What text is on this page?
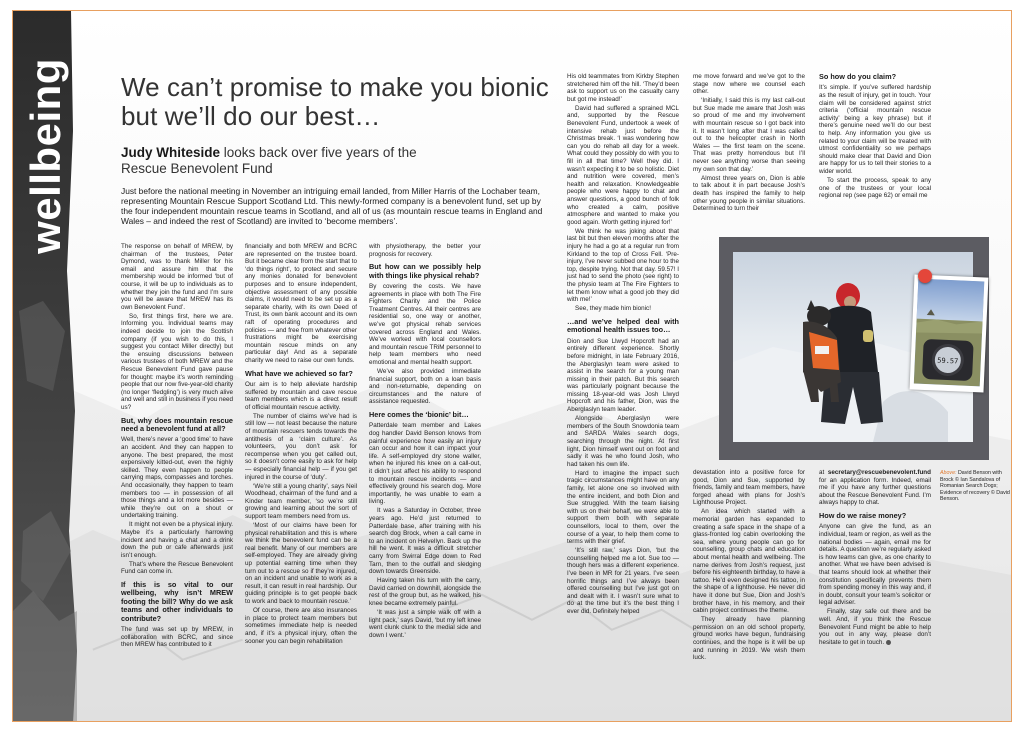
wellbeing We can’t promise to make you bionic but we’ll do our best…
Judy Whiteside looks back over five years of the Rescue Benevolent Fund

Just before the national meeting in November an intriguing email landed, from Miller Harris of the Lochaber team, representing Mountain Rescue Support Scotland Ltd. This newly-formed company is a benevolent fund, set up by the four independent mountain rescue teams in Scotland, and all of us (as mountain rescue teams in England and Wales – and indeed the rest of Scotland) are invited to ‘become members’.

The response on behalf of MREW, by chairman of the trustees, Peter Dymond, was to thank Miller for his email and assure him that the membership would be informed ‘but of course, it will be up to individuals as to whether they join the fund and I’m sure you will be aware that MREW has its own Benevolent Fund’.

So, first things first, here we are. Informing you. Individual teams may indeed decide to join the Scottish company (if you wish to do this, I suggest you contact Miller directly) but the ensuing discussions between various trustees of both MREW and the Rescue Benevolent Fund gave pause for thought: maybe it’s worth reminding people that our now five-year-old charity (no longer ‘fledgling’) is very much alive and well and still in business if you need us?

But, why does mountain rescue need a benevolent fund at all?

Well, there’s never a ‘good time’ to have an accident. And they can happen to anyone. The best prepared, the most expensively kitted-out, even the highly skilled. They even happen to people carrying maps, compasses and torches. And occasionally, they happen to team members too — in possession of all those things and a lot more besides — while they’re out on a shout or undertaking training.

It might not even be a physical injury. Maybe it’s a particularly harrowing incident and having a chat and a drink down the pub or cafe afterwards just isn’t enough.

That’s where the Rescue Benevolent Fund can come in.

If this is so vital to our wellbeing, why isn’t MREW footing the bill? Why do we ask teams and other individuals to contribute?

The fund was set up by MREW, in collaboration with BCRC, and since then MREW has contributed to it

financially and both MREW and BCRC are represented on the trustee board. But it became clear from the start that to ‘do things right’, to protect and secure any monies donated for benevolent purposes and to ensure independent, objective assessment of any possible claims, it would need to be set up as a separate charity, with its own Deed of Trust, its own bank account and its own raft of operating procedures and policies — and free from whatever other frustrations might be exercising mountain rescue minds on any particular day! And as a separate charity we need to raise our own funds.

What have we achieved so far?

Our aim is to help alleviate hardship suffered by mountain and cave rescue team members which is a direct result of official mountain rescue activity.

The number of claims we’ve had is still low — not least because the nature of mountain rescuers tends towards the antithesis of a ‘claim culture’. As volunteers, you don’t ask for recompense when you get called out, so it doesn’t come easily to ask for help — especially financial help — if you get injured in the course of ‘duty’.

‘We’re still a young charity’, says Neil Woodhead, chairman of the fund and a Kinder team member, ‘so we’re still growing and learning about the sort of support team members need from us.

‘Most of our claims have been for physical rehabilitation and this is where we think the benevolent fund can be a real benefit. Many of our members are self-employed. They are already giving up potential earning time when they turn out to a rescue so if they’re injured, on an incident and unable to work as a result, it can result in real hardship. Our guiding principle is to get people back to work and back to mountain rescue.’

Of course, there are also insurances in place to protect team members but sometimes immediate help is needed and, if it’s a physical injury, often the sooner you can begin rehabilitation

with physiotherapy, the better your prognosis for recovery.

But how can we possibly help with things like physical rehab?

By covering the costs. We have agreements in place with both The Fire Fighters Charity and the Police Treatment Centres. All their centres are residential so, one way or another, we’ve got physical rehab services covered across England and Wales. We’ve worked with local counsellors and mountain rescue TRiM personnel to help team members who need emotional and mental health support.

We’ve also provided immediate financial support, both on a loan basis and non-returnable, depending on circumstances and the nature of assistance requested.

Here comes the ‘bionic’ bit…

Patterdale team member and Lakes dog handler David Benson knows from painful experience how easily an injury can occur and how it can impact your life. A self-employed dry stone waller, when he injured his knee on a call-out, it didn’t just affect his ability to respond to mountain rescue incidents — and effectively ground his search dog. More importantly, he was unable to earn a living.

It was a Saturday in October, three years ago. He’d just returned to Patterdale base, after training with his search dog Brock, when a call came in to an incident on Helvellyn. Back up the hill he went. It was a difficult stretcher carry from Swirral Edge down to Red Tarn, then to the outfall and sledging down towards Greenside.

Having taken his turn with the carry, David carried on downhill, alongside the rest of the group but, as he walked, his knee became extremely painful.

‘It was just a simple walk off with a light pack,’ says David, ‘but my left knee went clunk clunk to the medial side and down I went.’

His old teammates from Kirkby Stephen stretchered him off the hill. ‘They’d been ask to support us on the casualty carry but got me instead!’

David had suffered a sprained MCL and, supported by the Rescue Benevolent Fund, undertook a week of intensive rehab just before the Christmas break. ‘I was wondering how can you do rehab all day for a week. What could they possibly do with you to fill in all that time? Well they did. I wasn’t expecting it to be so holistic. Diet and nutrition were covered, men’s health and relaxation. Knowledgeable people who were happy to chat and answer questions, a good bunch of folk who created a calm, positive atmosphere and wanted to make you good again. Worth getting injured for!’

We think he was joking about that last bit but then eleven months after the injury he had a go at a regular run from Kirkland to the top of Cross Fell. ‘Pre-injury, I’ve never subbed one hour to the top, despite trying. Not that day. 59.57! I just had to send the photo (see right) to the physio team at The Fire Fighters to let them know what a good job they did with me!’

See, they made him bionic!

…and we’ve helped deal with emotional health issues too…

Dion and Sue Llwyd Hopcroft had an entirely different experience. Shortly before midnight, in late February 2016, the Aberglaslyn team were asked to assist in the search for a young man missing in their patch. But this search was particularly poignant because the missing 18-year-old was Josh Llwyd Hopcroft and his father, Dion, was the Aberglaslyn team leader.

Alongside Aberglaslyn were members of the South Snowdonia team and SARDA Wales search dogs, searching through the night. At first light, Dion himself went out on foot and sadly it was he who found Josh, who had taken his own life.

Hard to imagine the impact such tragic circumstances might have on any family, let alone one so involved with the entire incident, and both Dion and Sue struggled. With the team liaising with us on their behalf, we were able to support them both with separate counsellors, local to them, over the course of a year, to help them come to terms with their grief.

‘It’s still raw,’ says Dion, ‘but the counselling helped me a lot. Sue too — though hers was a different experience. I’ve been in MR for 21 years. I’ve seen horrific things and I’ve always been offered counselling but I’ve just got on and dealt with it. I wasn’t sure what to do at the time but it’s the best thing I ever did. Definitely helped

me move forward and we’ve got to the stage now where we counsel each other.

‘Initially, I said this is my last call-out but Sue made me aware that Josh was so proud of me and my involvement with mountain rescue so I got back into it. It wasn’t long after that I was called out to the helicopter crash in North Wales — the first team on the scene. That was pretty horrendous but I’ll never see anything worse than seeing my own son that day.’

Almost three years on, Dion is able to talk about it in part because Josh’s death has inspired the family to help other young people in similar situations. Determined to turn their

devastation into a positive force for good, Dion and Sue, supported by friends, family and team members, have forged ahead with plans for Josh’s Lighthouse Project.

An idea which started with a memorial garden has expanded to creating a safe space in the shape of a glass-fronted log cabin overlooking the sea, where young people can go for counselling, group chats and education about mental health and wellbeing. The name derives from Josh’s request, just before his eighteenth birthday, to have a tattoo. He’d even designed his tattoo, in the shape of a lighthouse. He never did have it done but Sue, Dion and Josh’s brother have, in his memory, and their cabin project continues the theme.

They already have planning permission on an old school property, ground works have begun, fundraising continues, and the hope is it will be up and running in 2019. We wish them luck.

So how do you claim?

It’s simple. If you’ve suffered hardship as the result of injury, get in touch. Your claim will be considered against strict criteria (‘official mountain rescue activity’ being a key phrase) but if there’s genuine need we’ll do our best to help. Any information you give us related to your claim will be treated with utmost confidentiality so we perhaps should make clear that David and Dion are happy for us to tell their stories to a wider world.

To start the process, speak to any one of the trustees or your local regional rep (see page 62) or email me

at secretary@rescuebenevolent.fund for an application form. Indeed, email me if you have any further questions about the Rescue Benevolent Fund. I’m always happy to chat.

How do we raise money?

Anyone can give the fund, as an individual, team or region, as well as the national bodies — again, email me for details. A question we’re regularly asked is how teams can give, as one charity to another. What we have been advised is that teams should look at whether their constitution specifically prevents them from spending money in this way and, if in doubt, consult your team’s solicitor or legal adviser.

Finally, stay safe out there and be well. And, if you think the Rescue Benevolent Fund might be able to help you out in any way, please don’t hesitate to get in touch.

59.57
Above: David Benson with Brock © Ian Sandalova of Romanian Search Dogs; Evidence of recovery © David Benson.
